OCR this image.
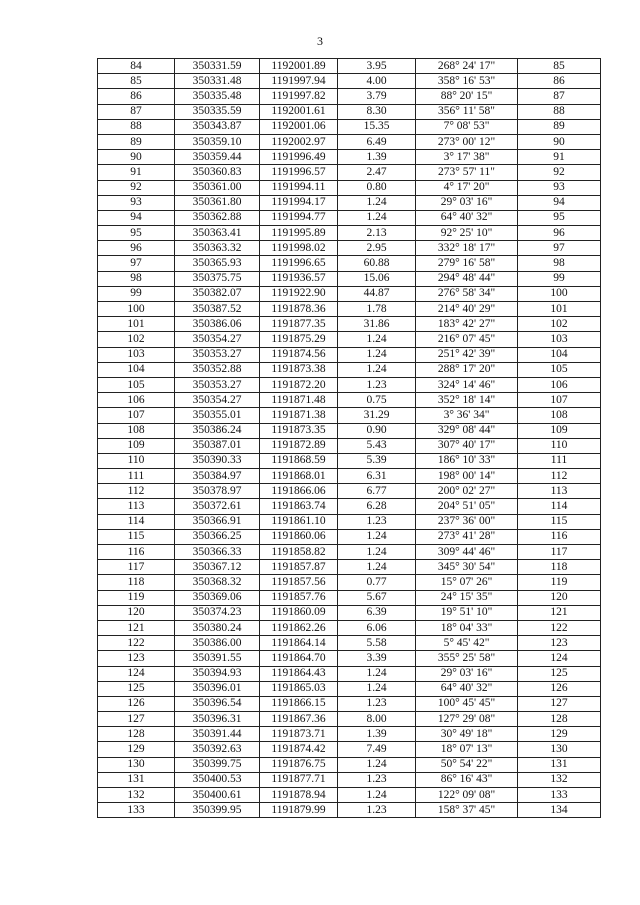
3
84	350331.59	1192001.89	3.95	268° 24' 17"	85
85	350331.48	1191997.94	4.00	358° 16' 53"	86
86	350335.48	1191997.82	3.79	88° 20' 15"	87
87	350335.59	1192001.61	8.30	356° 11' 58"	88
88	350343.87	1192001.06	15.35	7° 08' 53"	89
89	350359.10	1192002.97	6.49	273° 00' 12"	90
90	350359.44	1191996.49	1.39	3° 17' 38"	91
91	350360.83	1191996.57	2.47	273° 57' 11"	92
92	350361.00	1191994.11	0.80	4° 17' 20"	93
93	350361.80	1191994.17	1.24	29° 03' 16"	94
94	350362.88	1191994.77	1.24	64° 40' 32"	95
95	350363.41	1191995.89	2.13	92° 25' 10"	96
96	350363.32	1191998.02	2.95	332° 18' 17"	97
97	350365.93	1191996.65	60.88	279° 16' 58"	98
98	350375.75	1191936.57	15.06	294° 48' 44"	99
99	350382.07	1191922.90	44.87	276° 58' 34"	100
100	350387.52	1191878.36	1.78	214° 40' 29"	101
101	350386.06	1191877.35	31.86	183° 42' 27"	102
102	350354.27	1191875.29	1.24	216° 07' 45"	103
103	350353.27	1191874.56	1.24	251° 42' 39"	104
104	350352.88	1191873.38	1.24	288° 17' 20"	105
105	350353.27	1191872.20	1.23	324° 14' 46"	106
106	350354.27	1191871.48	0.75	352° 18' 14"	107
107	350355.01	1191871.38	31.29	3° 36' 34"	108
108	350386.24	1191873.35	0.90	329° 08' 44"	109
109	350387.01	1191872.89	5.43	307° 40' 17"	110
110	350390.33	1191868.59	5.39	186° 10' 33"	111
111	350384.97	1191868.01	6.31	198° 00' 14"	112
112	350378.97	1191866.06	6.77	200° 02' 27"	113
113	350372.61	1191863.74	6.28	204° 51' 05"	114
114	350366.91	1191861.10	1.23	237° 36' 00"	115
115	350366.25	1191860.06	1.24	273° 41' 28"	116
116	350366.33	1191858.82	1.24	309° 44' 46"	117
117	350367.12	1191857.87	1.24	345° 30' 54"	118
118	350368.32	1191857.56	0.77	15° 07' 26"	119
119	350369.06	1191857.76	5.67	24° 15' 35"	120
120	350374.23	1191860.09	6.39	19° 51' 10"	121
121	350380.24	1191862.26	6.06	18° 04' 33"	122
122	350386.00	1191864.14	5.58	5° 45' 42"	123
123	350391.55	1191864.70	3.39	355° 25' 58"	124
124	350394.93	1191864.43	1.24	29° 03' 16"	125
125	350396.01	1191865.03	1.24	64° 40' 32"	126
126	350396.54	1191866.15	1.23	100° 45' 45"	127
127	350396.31	1191867.36	8.00	127° 29' 08"	128
128	350391.44	1191873.71	1.39	30° 49' 18"	129
129	350392.63	1191874.42	7.49	18° 07' 13"	130
130	350399.75	1191876.75	1.24	50° 54' 22"	131
131	350400.53	1191877.71	1.23	86° 16' 43"	132
132	350400.61	1191878.94	1.24	122° 09' 08"	133
133	350399.95	1191879.99	1.23	158° 37' 45"	134
